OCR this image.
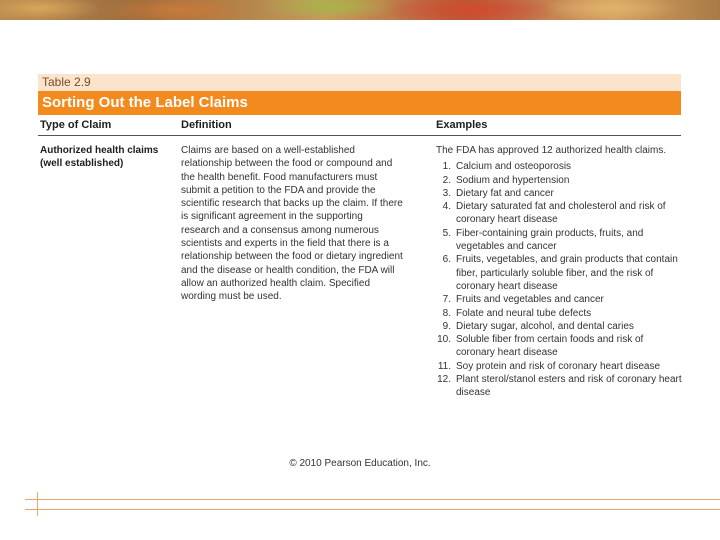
Table 2.9
Sorting Out the Label Claims
Type of Claim	Definition	Examples
Authorized health claims (well established)
Claims are based on a well-established relationship between the food or compound and the health benefit. Food manufacturers must submit a petition to the FDA and provide the scientific research that backs up the claim. If there is significant agreement in the supporting research and a consensus among numerous scientists and experts in the field that there is a relationship between the food or dietary ingredient and the disease or health condition, the FDA will allow an authorized health claim. Specified wording must be used.

The FDA has approved 12 authorized health claims.

1. Calcium and osteoporosis
2. Sodium and hypertension
3. Dietary fat and cancer
4. Dietary saturated fat and cholesterol and risk of coronary heart disease
5. Fiber-containing grain products, fruits, and vegetables and cancer
6. Fruits, vegetables, and grain products that contain fiber, particularly soluble fiber, and the risk of coronary heart disease
7. Fruits and vegetables and cancer
8. Folate and neural tube defects
9. Dietary sugar, alcohol, and dental caries
10. Soluble fiber from certain foods and risk of coronary heart disease
11. Soy protein and risk of coronary heart disease
12. Plant sterol/stanol esters and risk of coronary heart disease
© 2010 Pearson Education, Inc.
